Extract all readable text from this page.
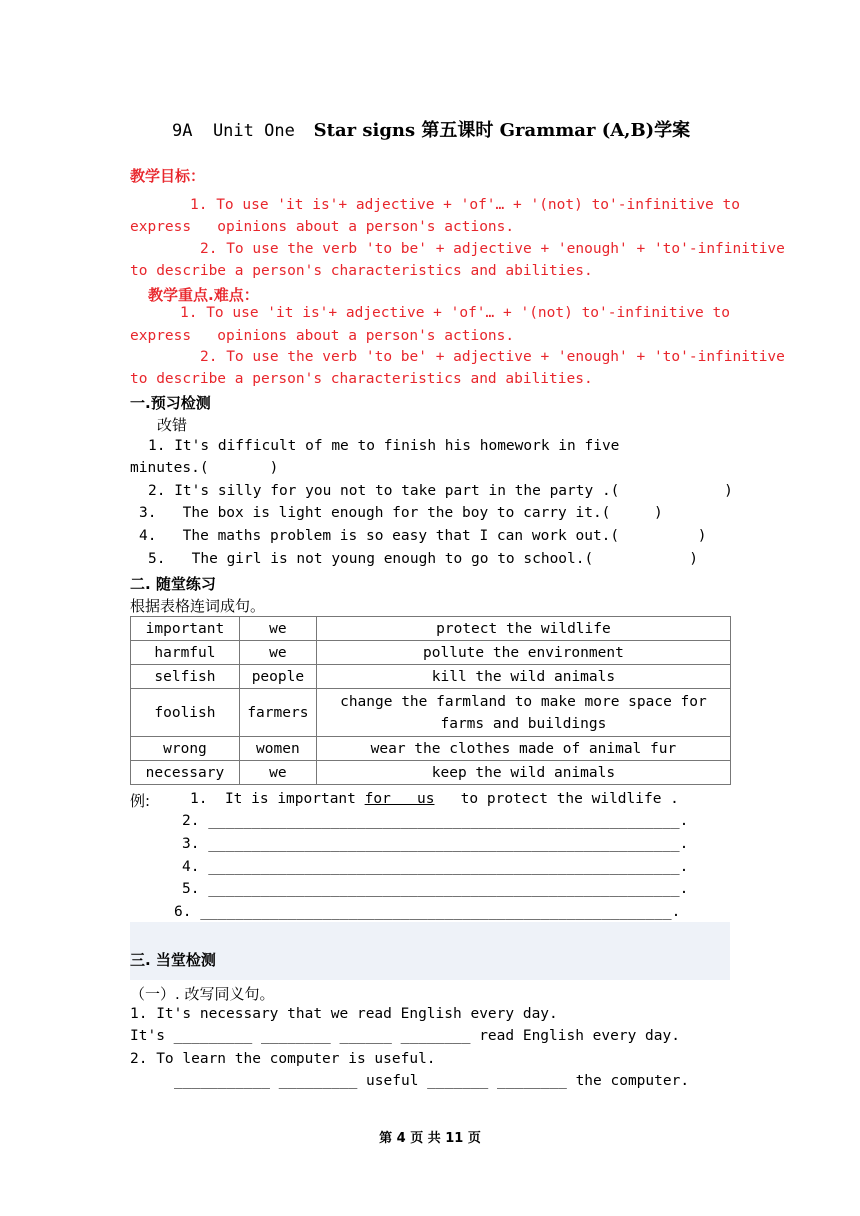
9A  Unit One Star signs 第五课时 Grammar (A,B)学案
教学目标：
1. To use 'it is'+ adjective + 'of'… + '(not) to'-infinitive to
express   opinions about a person's actions.
2. To use the verb 'to be' + adjective + 'enough' + 'to'-infinitive
to describe a person's characteristics and abilities.
教学重点.难点：
1. To use 'it is'+ adjective + 'of'… + '(not) to'-infinitive to
express   opinions about a person's actions.
2. To use the verb 'to be' + adjective + 'enough' + 'to'-infinitive
to describe a person's characteristics and abilities.
一.预习检测
改错
1. It's difficult of me to finish his homework in five
minutes.(       )
2. It's silly for you not to take part in the party .(            )
3.   The box is light enough for the boy to carry it.(     )
4.   The maths problem is so easy that I can work out.(         )
5.   The girl is not young enough to go to school.(           )
二. 随堂练习
根据表格连词成句。
important	we	protect the wildlife
harmful	we	pollute the environment
selfish	people	kill the wild animals
foolish	farmers	change the farmland to make more space for farms and buildings
wrong	women	wear the clothes made of animal fur
necessary	we	keep the wild animals
例:	1. It is important for   us to protect the wildlife .
2. ______________________________________________________.
3. ______________________________________________________.
4. ______________________________________________________.
5. ______________________________________________________.
6. ______________________________________________________.
三. 当堂检测
（一）. 改写同义句。
1. It's necessary that we read English every day.
It's _________ ________ ______ ________ read English every day.
2. To learn the computer is useful.
___________ _________ useful _______ ________ the computer.
第 4 页 共 11 页
